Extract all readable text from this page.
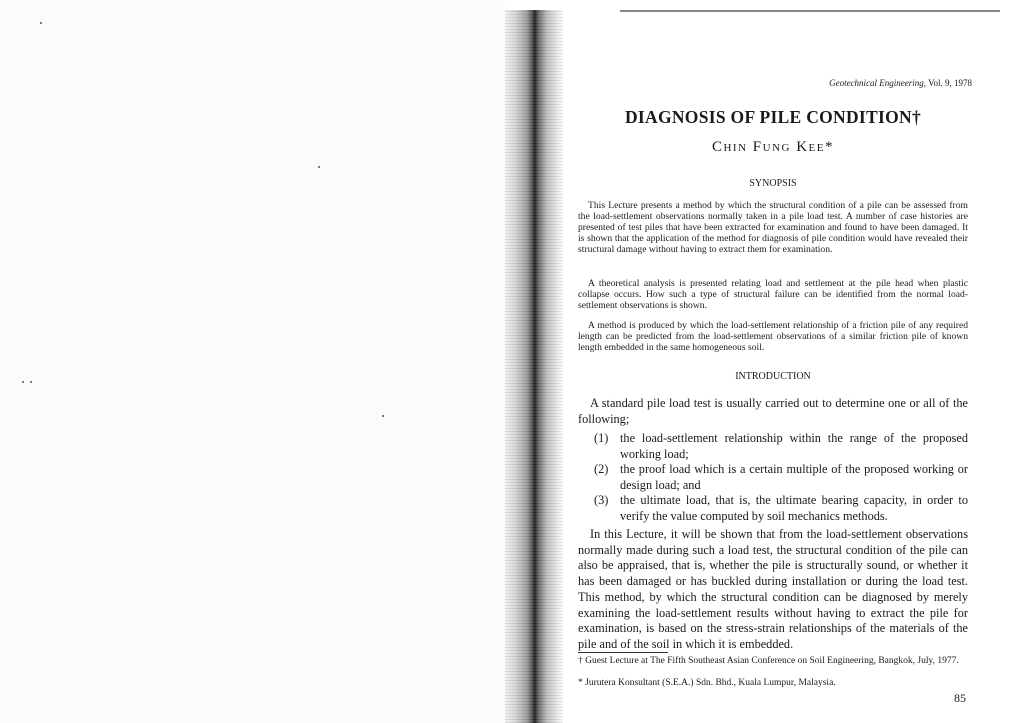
Geotechnical Engineering, Vol. 9, 1978
DIAGNOSIS OF PILE CONDITION†
Chin Fung Kee*
SYNOPSIS

This Lecture presents a method by which the structural condition of a pile can be assessed from the load-settlement observations normally taken in a pile load test. A number of case histories are presented of test piles that have been extracted for examination and found to have been damaged. It is shown that the application of the method for diagnosis of pile condition would have revealed their structural damage without having to extract them for examination.

A theoretical analysis is presented relating load and settlement at the pile head when plastic collapse occurs. How such a type of structural failure can be identified from the normal load-settlement observations is shown.

A method is produced by which the load-settlement relationship of a friction pile of any required length can be predicted from the load-settlement observations of a similar friction pile of known length embedded in the same homogeneous soil.

INTRODUCTION

A standard pile load test is usually carried out to determine one or all of the following;

(1) the load-settlement relationship within the range of the proposed working load;
(2) the proof load which is a certain multiple of the proposed working or design load; and
(3) the ultimate load, that is, the ultimate bearing capacity, in order to verify the value computed by soil mechanics methods.

In this Lecture, it will be shown that from the load-settlement observations normally made during such a load test, the structural condition of the pile can also be appraised, that is, whether the pile is structurally sound, or whether it has been damaged or has buckled during installation or during the load test. This method, by which the structural condition can be diagnosed by merely examining the load-settlement results without having to extract the pile for examination, is based on the stress-strain relationships of the materials of the pile and of the soil in which it is embedded.

† Guest Lecture at The Fifth Southeast Asian Conference on Soil Engineering, Bangkok, July, 1977.

* Jurutera Konsultant (S.E.A.) Sdn. Bhd., Kuala Lumpur, Malaysia.

85
